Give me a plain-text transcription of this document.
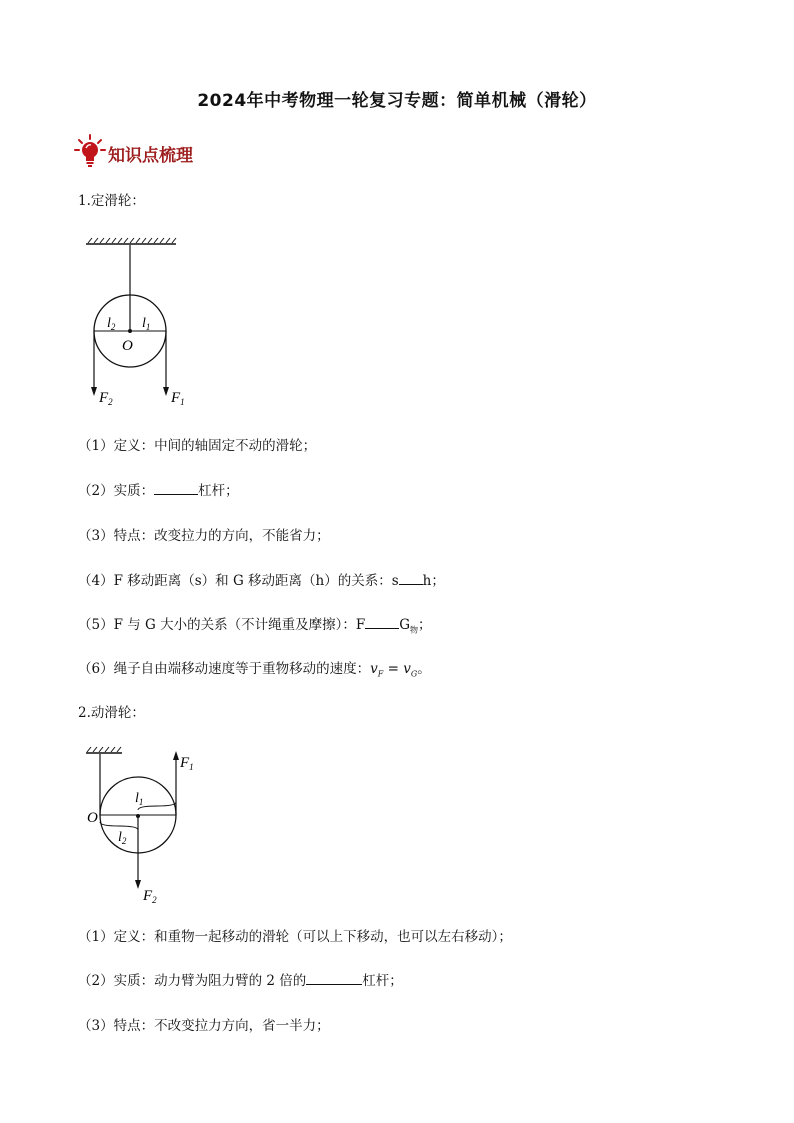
2024年中考物理一轮复习专题：简单机械（滑轮）
知识点梳理
1.定滑轮：
$l_2$ $l_1$
O
$F_2$	$F_1$
（1）定义：中间的轴固定不动的滑轮；
（2）实质：	杠杆；
（3）特点：改变拉力的方向，不能省力；
（4）F 移动距离（s）和 G 移动距离（h）的关系：s h；
（5）F 与 G 大小的关系（不计绳重及摩擦）：F	$G_物$；
（6）绳子自由端移动速度等于重物移动的速度：$v_F = v_G$。
2.动滑轮：
$F_1$
$l_1$
O
$l_2$
$F_2$
（1）定义：和重物一起移动的滑轮（可以上下移动，也可以左右移动）；
（2）实质：动力臂为阻力臂的 2 倍的	杠杆；
（3）特点：不改变拉力方向，省一半力；
